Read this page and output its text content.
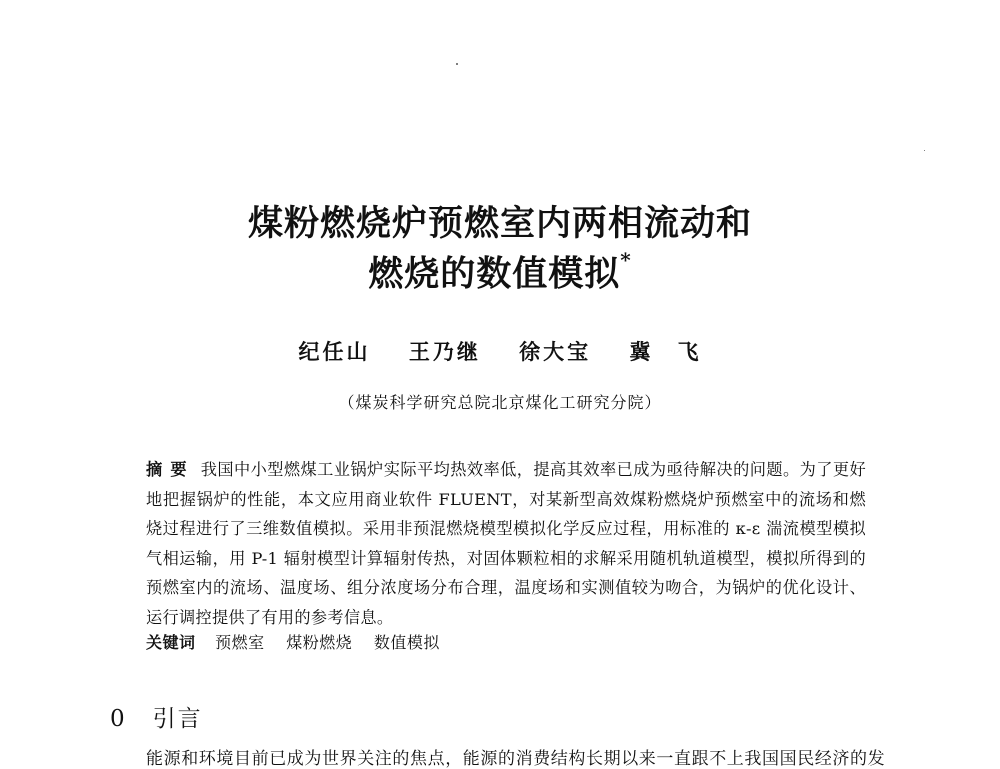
煤粉燃烧炉预燃室内两相流动和
燃烧的数值模拟*
纪任山 王乃继 徐大宝 冀　飞
（煤炭科学研究总院北京煤化工研究分院）
摘要 我国中小型燃煤工业锅炉实际平均热效率低，提高其效率已成为亟待解决的问题。为了更好地把握锅炉的性能，本文应用商业软件 FLUENT，对某新型高效煤粉燃烧炉预燃室中的流场和燃烧过程进行了三维数值模拟。采用非预混燃烧模型模拟化学反应过程，用标准的 κ-ε 湍流模型模拟气相运输，用 P-1 辐射模型计算辐射传热，对固体颗粒相的求解采用随机轨道模型，模拟所得到的预燃室内的流场、温度场、组分浓度场分布合理，温度场和实测值较为吻合，为锅炉的优化设计、运行调控提供了有用的参考信息。
关键词 预燃室 煤粉燃烧 数值模拟
0 引言
能源和环境目前已成为世界关注的焦点，能源的消费结构长期以来一直跟不上我国国民经济的发
